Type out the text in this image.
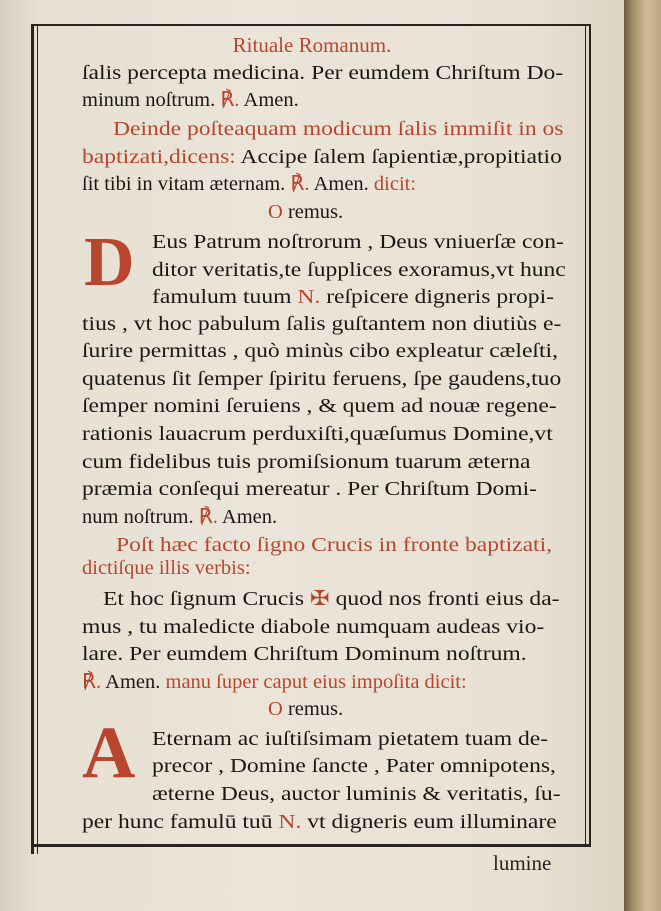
Rituale Romanum.
D
A
ſalis percepta medicina. Per eumdem Chriſtum Do-
minum noſtrum. ℟. Amen.
Deinde poſteaquam modicum ſalis immiſit in os
baptizati,dicens: Accipe ſalem ſapientiæ,propitiatio
ſit tibi in vitam æternam. ℟. Amen. dicit:
O remus.
Eus Patrum noſtrorum , Deus vniuerſæ con-
ditor veritatis,te ſupplices exoramus,vt hunc
famulum tuum N. reſpicere digneris propi-
tius , vt hoc pabulum ſalis guſtantem non diutiùs e-
ſurire permittas , quò minùs cibo expleatur cæleſti,
quatenus ſit ſemper ſpiritu feruens, ſpe gaudens,tuo
ſemper nomini ſeruiens , & quem ad nouæ regene-
rationis lauacrum perduxiſti,quæſumus Domine,vt
cum fidelibus tuis promiſsionum tuarum æterna
præmia conſequi mereatur . Per Chriſtum Domi-
num noſtrum. ℟. Amen.
Poſt hæc facto ſigno Crucis in fronte baptizati,
dictiſque illis verbis:
Et hoc ſignum Crucis ✠ quod nos fronti eius da-
mus , tu maledicte diabole numquam audeas vio-
lare. Per eumdem Chriſtum Dominum noſtrum.
℟. Amen. manu ſuper caput eius impoſita dicit:
O remus.
Eternam ac iuſtiſsimam pietatem tuam de-
precor , Domine ſancte , Pater omnipotens,
æterne Deus, auctor luminis & veritatis, ſu-
per hunc famulū tuū N. vt digneris eum illuminare
lumine
